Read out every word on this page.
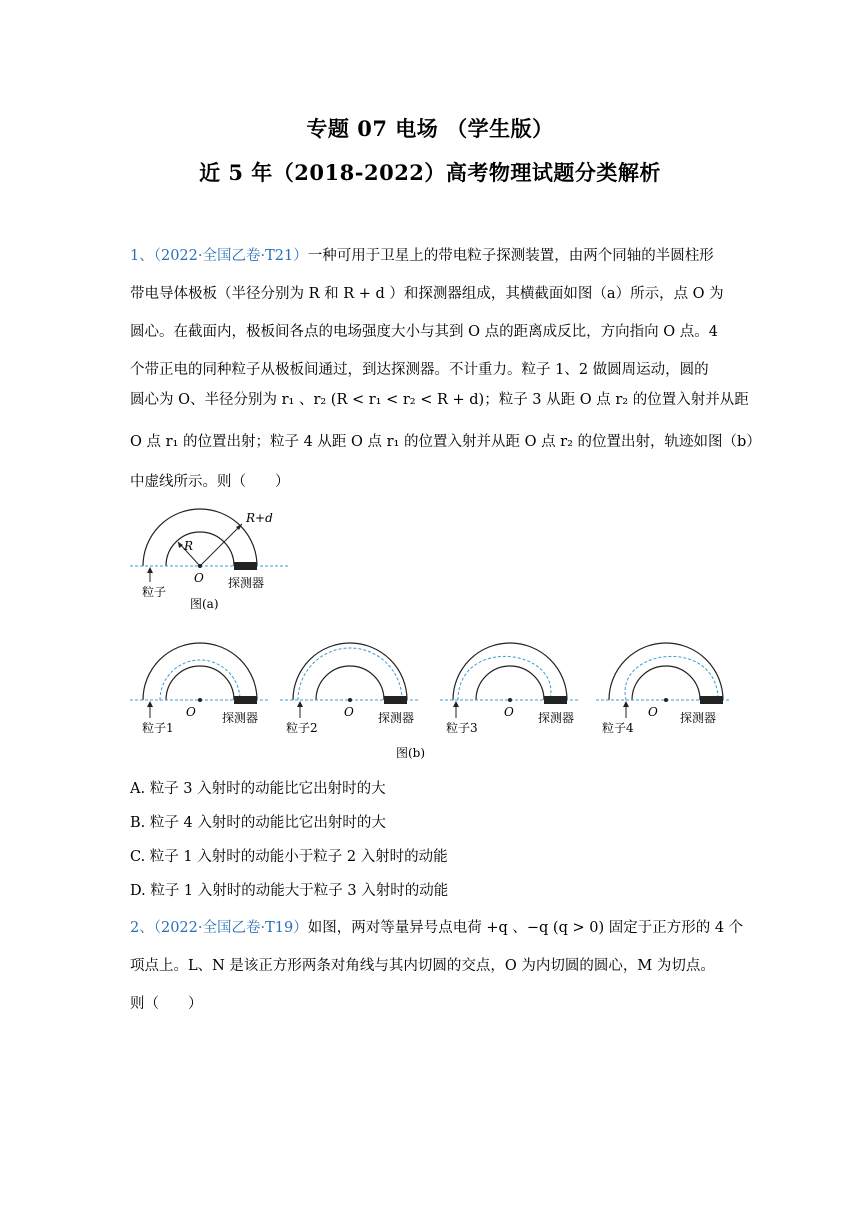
专题 07 电场 （学生版）
近 5 年（2018-2022）高考物理试题分类解析
1、（2022·全国乙卷·T21）一种可用于卫星上的带电粒子探测装置，由两个同轴的半圆柱形
带电导体极板（半径分别为 R 和 R + d ）和探测器组成，其横截面如图（a）所示，点 O 为
圆心。在截面内，极板间各点的电场强度大小与其到 O 点的距离成反比，方向指向 O 点。4
个带正电的同种粒子从极板间通过，到达探测器。不计重力。粒子 1、2 做圆周运动，圆的
圆心为 O、半径分别为 r₁ 、r₂ (R < r₁ < r₂ < R + d)；粒子 3 从距 O 点 r₂ 的位置入射并从距
O 点 r₁ 的位置出射；粒子 4 从距 O 点 r₁ 的位置入射并从距 O 点 r₂ 的位置出射，轨迹如图（b）
中虚线所示。则（　　）
R
R+d
O
粒子
探测器
图(a)
粒子1
O 探测器
粒子2
O 探测器
粒子3
O 探测器
粒子4
O 探测器
图(b)
A. 粒子 3 入射时的动能比它出射时的大
B. 粒子 4 入射时的动能比它出射时的大
C. 粒子 1 入射时的动能小于粒子 2 入射时的动能
D. 粒子 1 入射时的动能大于粒子 3 入射时的动能
2、（2022·全国乙卷·T19）如图，两对等量异号点电荷 +q 、−q (q > 0) 固定于正方形的 4 个
项点上。L、N 是该正方形两条对角线与其内切圆的交点，O 为内切圆的圆心，M 为切点。
则（　　）
